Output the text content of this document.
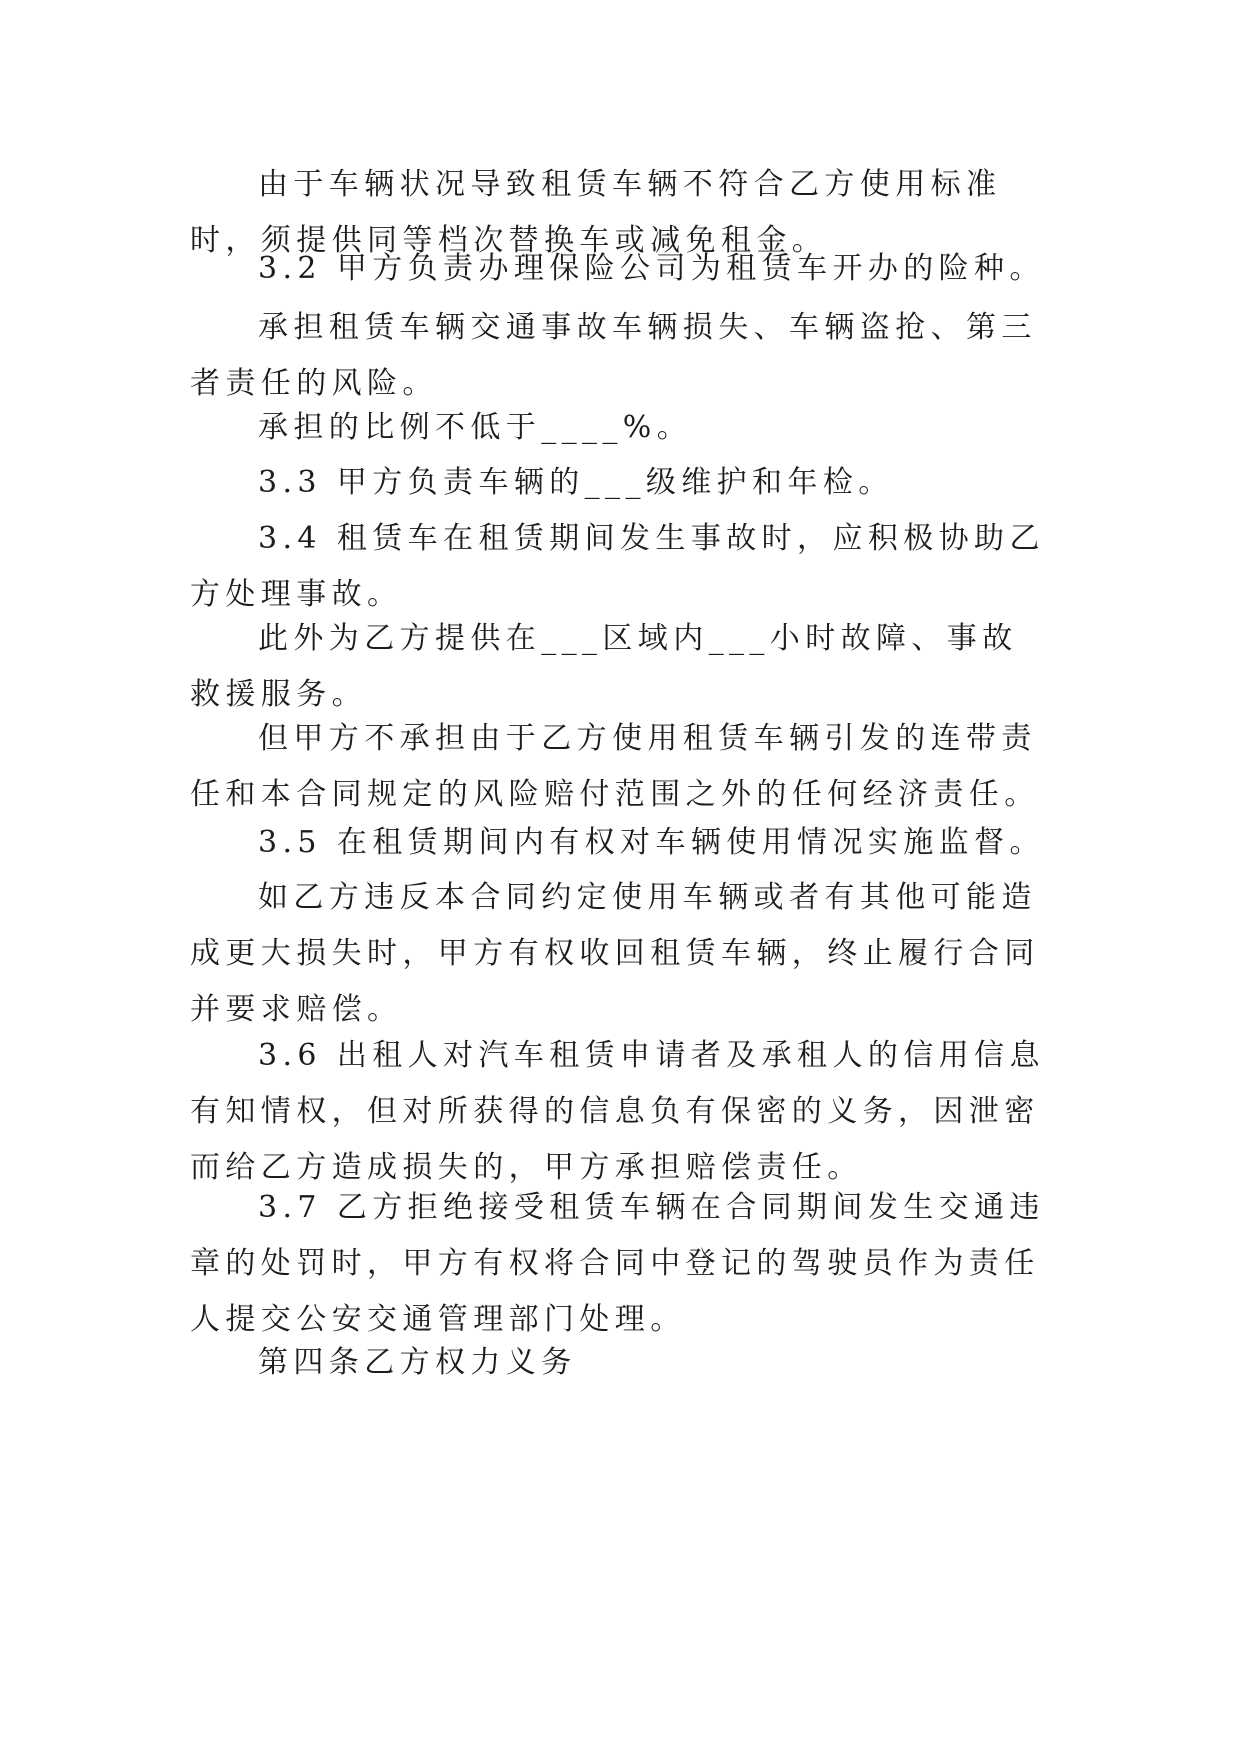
由于车辆状况导致租赁车辆不符合乙方使用标准时，须提供同等档次替换车或减免租金。

3.2 甲方负责办理保险公司为租赁车开办的险种。

承担租赁车辆交通事故车辆损失、车辆盗抢、第三者责任的风险。

承担的比例不低于____%。

3.3 甲方负责车辆的___级维护和年检。

3.4 租赁车在租赁期间发生事故时，应积极协助乙方处理事故。

此外为乙方提供在___区域内___小时故障、事故救援服务。

但甲方不承担由于乙方使用租赁车辆引发的连带责任和本合同规定的风险赔付范围之外的任何经济责任。

3.5 在租赁期间内有权对车辆使用情况实施监督。

如乙方违反本合同约定使用车辆或者有其他可能造成更大损失时，甲方有权收回租赁车辆，终止履行合同并要求赔偿。

3.6 出租人对汽车租赁申请者及承租人的信用信息有知情权，但对所获得的信息负有保密的义务，因泄密而给乙方造成损失的，甲方承担赔偿责任。

3.7 乙方拒绝接受租赁车辆在合同期间发生交通违章的处罚时，甲方有权将合同中登记的驾驶员作为责任人提交公安交通管理部门处理。

第四条乙方权力义务
